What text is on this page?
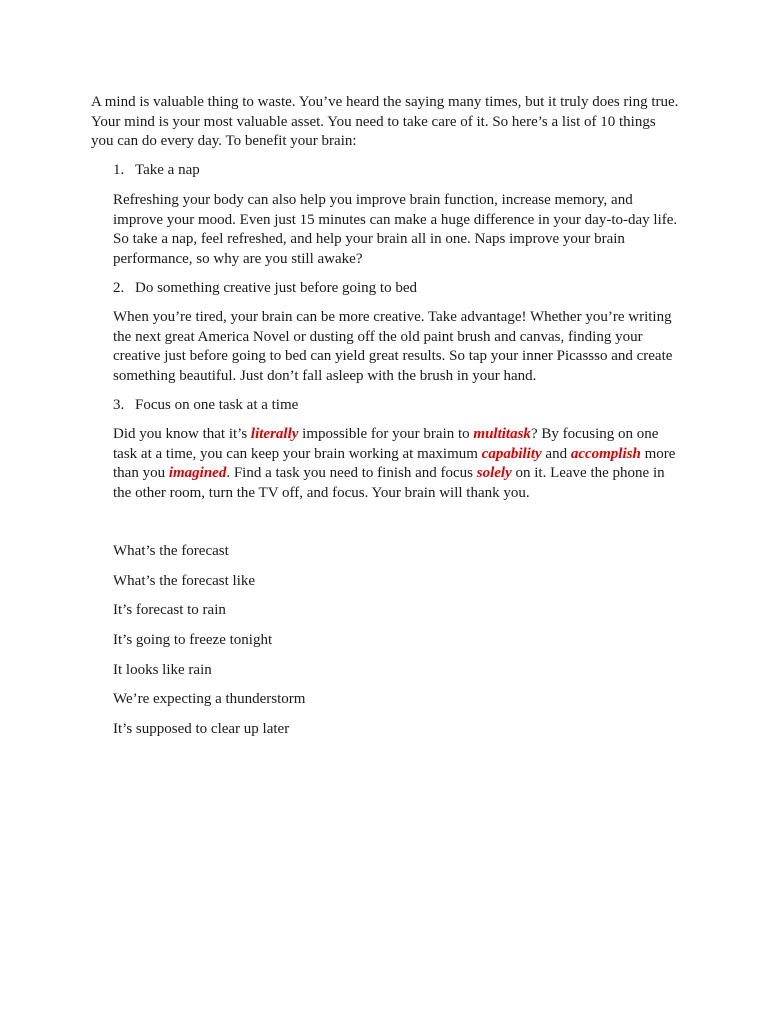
A mind is valuable thing to waste. You’ve heard the saying many times, but it truly does ring true. Your mind is your most valuable asset. You need to take care of it. So here’s a list of 10 things you can do every day. To benefit your brain:

1. Take a nap

Refreshing your body can also help you improve brain function, increase memory, and improve your mood. Even just 15 minutes can make a huge difference in your day-to-day life. So take a nap, feel refreshed, and help your brain all in one. Naps improve your brain performance, so why are you still awake?

2. Do something creative just before going to bed

When you’re tired, your brain can be more creative. Take advantage! Whether you’re writing the next great America Novel or dusting off the old paint brush and canvas, finding your creative just before going to bed can yield great results. So tap your inner Picassso and create something beautiful. Just don’t fall asleep with the brush in your hand.

3. Focus on one task at a time

Did you know that it’s literally impossible for your brain to multitask? By focusing on one task at a time, you can keep your brain working at maximum capability and accomplish more than you imagined. Find a task you need to finish and focus solely on it. Leave the phone in the other room, turn the TV off, and focus. Your brain will thank you.

What’s the forecast

What’s the forecast like

It’s forecast to rain

It’s going to freeze tonight

It looks like rain

We’re expecting a thunderstorm

It’s supposed to clear up later
